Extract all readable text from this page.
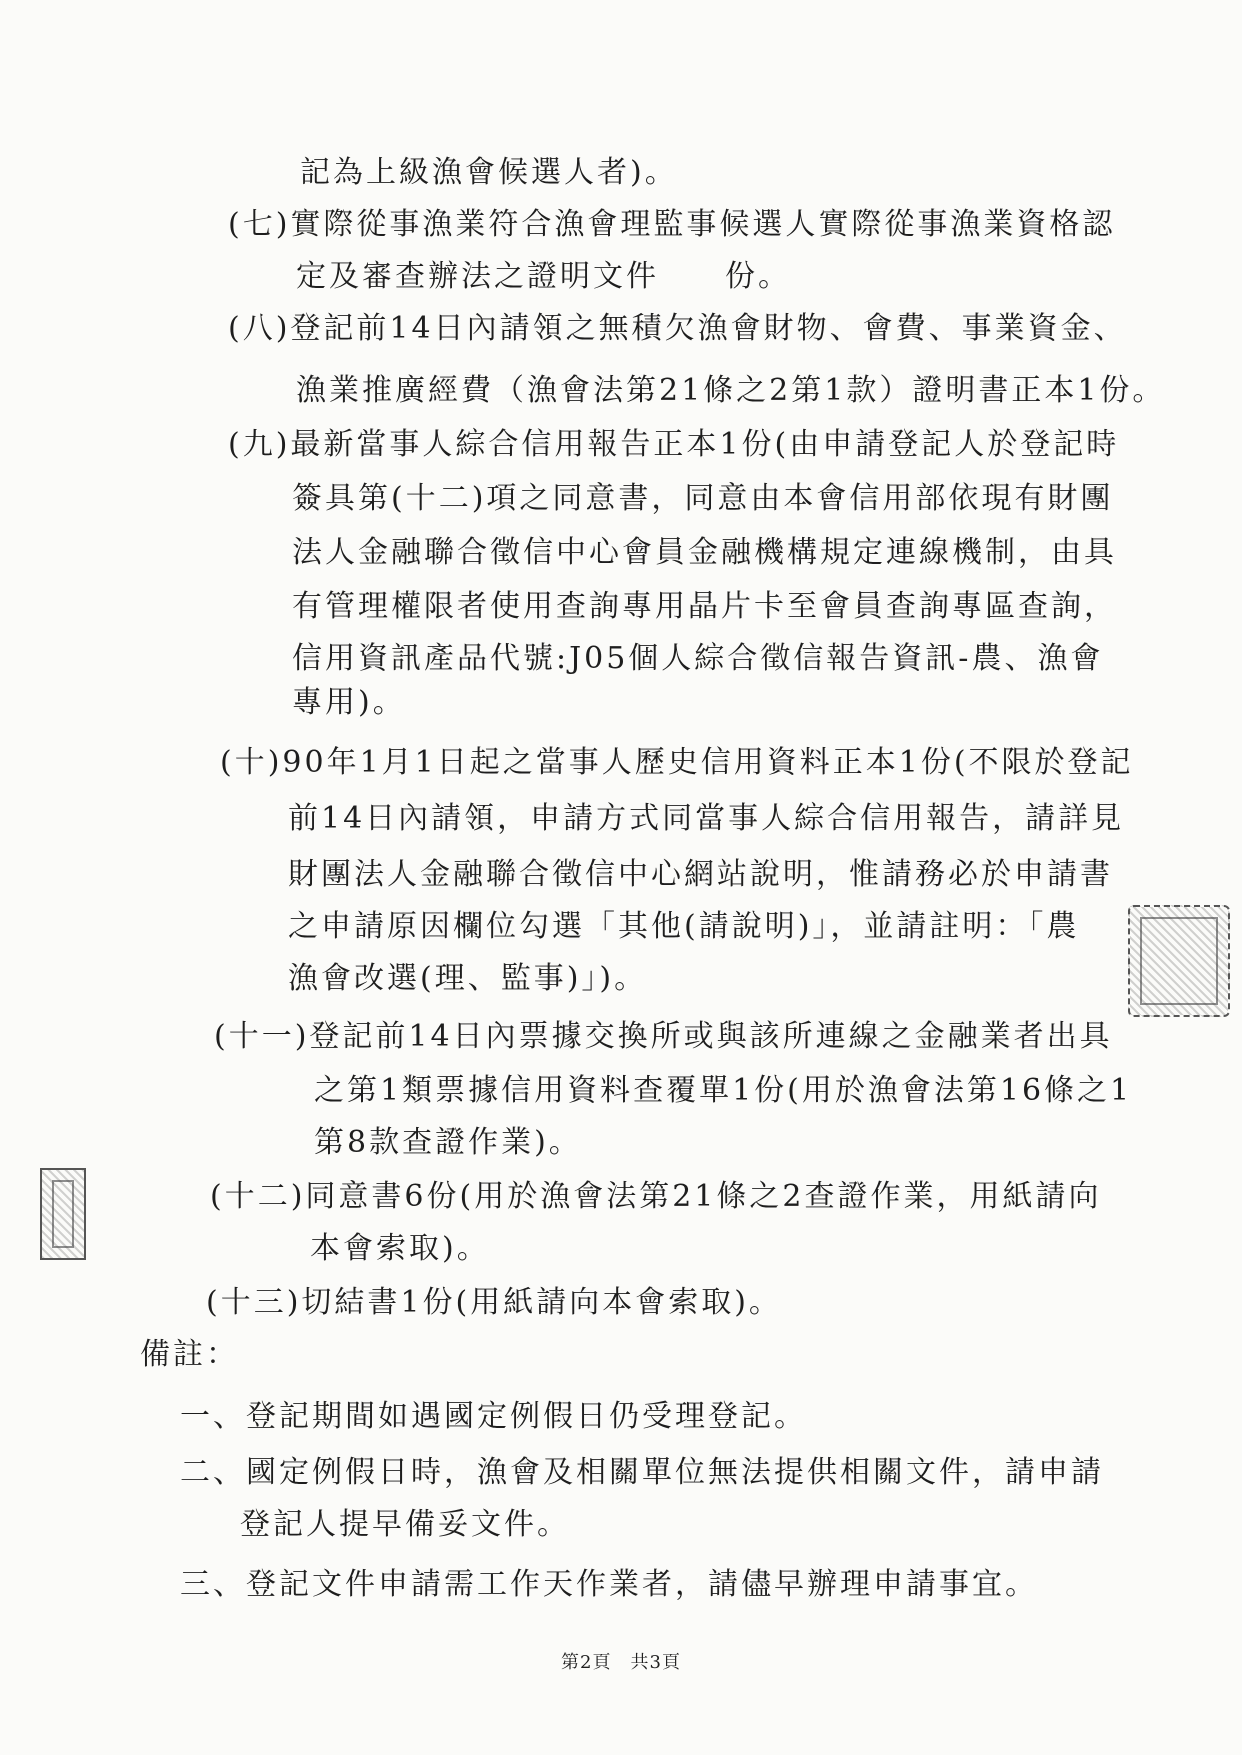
記為上級漁會候選人者)。
(七)實際從事漁業符合漁會理監事候選人實際從事漁業資格認
定及審查辦法之證明文件　　份。
(八)登記前14日內請領之無積欠漁會財物、會費、事業資金、
漁業推廣經費（漁會法第21條之2第1款）證明書正本1份。
(九)最新當事人綜合信用報告正本1份(由申請登記人於登記時
簽具第(十二)項之同意書，同意由本會信用部依現有財團
法人金融聯合徵信中心會員金融機構規定連線機制，由具
有管理權限者使用查詢專用晶片卡至會員查詢專區查詢，
信用資訊產品代號:J05個人綜合徵信報告資訊-農、漁會
專用)。
(十)90年1月1日起之當事人歷史信用資料正本1份(不限於登記
前14日內請領，申請方式同當事人綜合信用報告，請詳見
財團法人金融聯合徵信中心網站說明，惟請務必於申請書
之申請原因欄位勾選「其他(請說明)」，並請註明：「農
漁會改選(理、監事)」)。
(十一)登記前14日內票據交換所或與該所連線之金融業者出具
之第1類票據信用資料查覆單1份(用於漁會法第16條之1
第8款查證作業)。
(十二)同意書6份(用於漁會法第21條之2查證作業，用紙請向
本會索取)。
(十三)切結書1份(用紙請向本會索取)。
備註：
一、登記期間如遇國定例假日仍受理登記。
二、國定例假日時，漁會及相關單位無法提供相關文件，請申請
登記人提早備妥文件。
三、登記文件申請需工作天作業者，請儘早辦理申請事宜。
第2頁　共3頁
